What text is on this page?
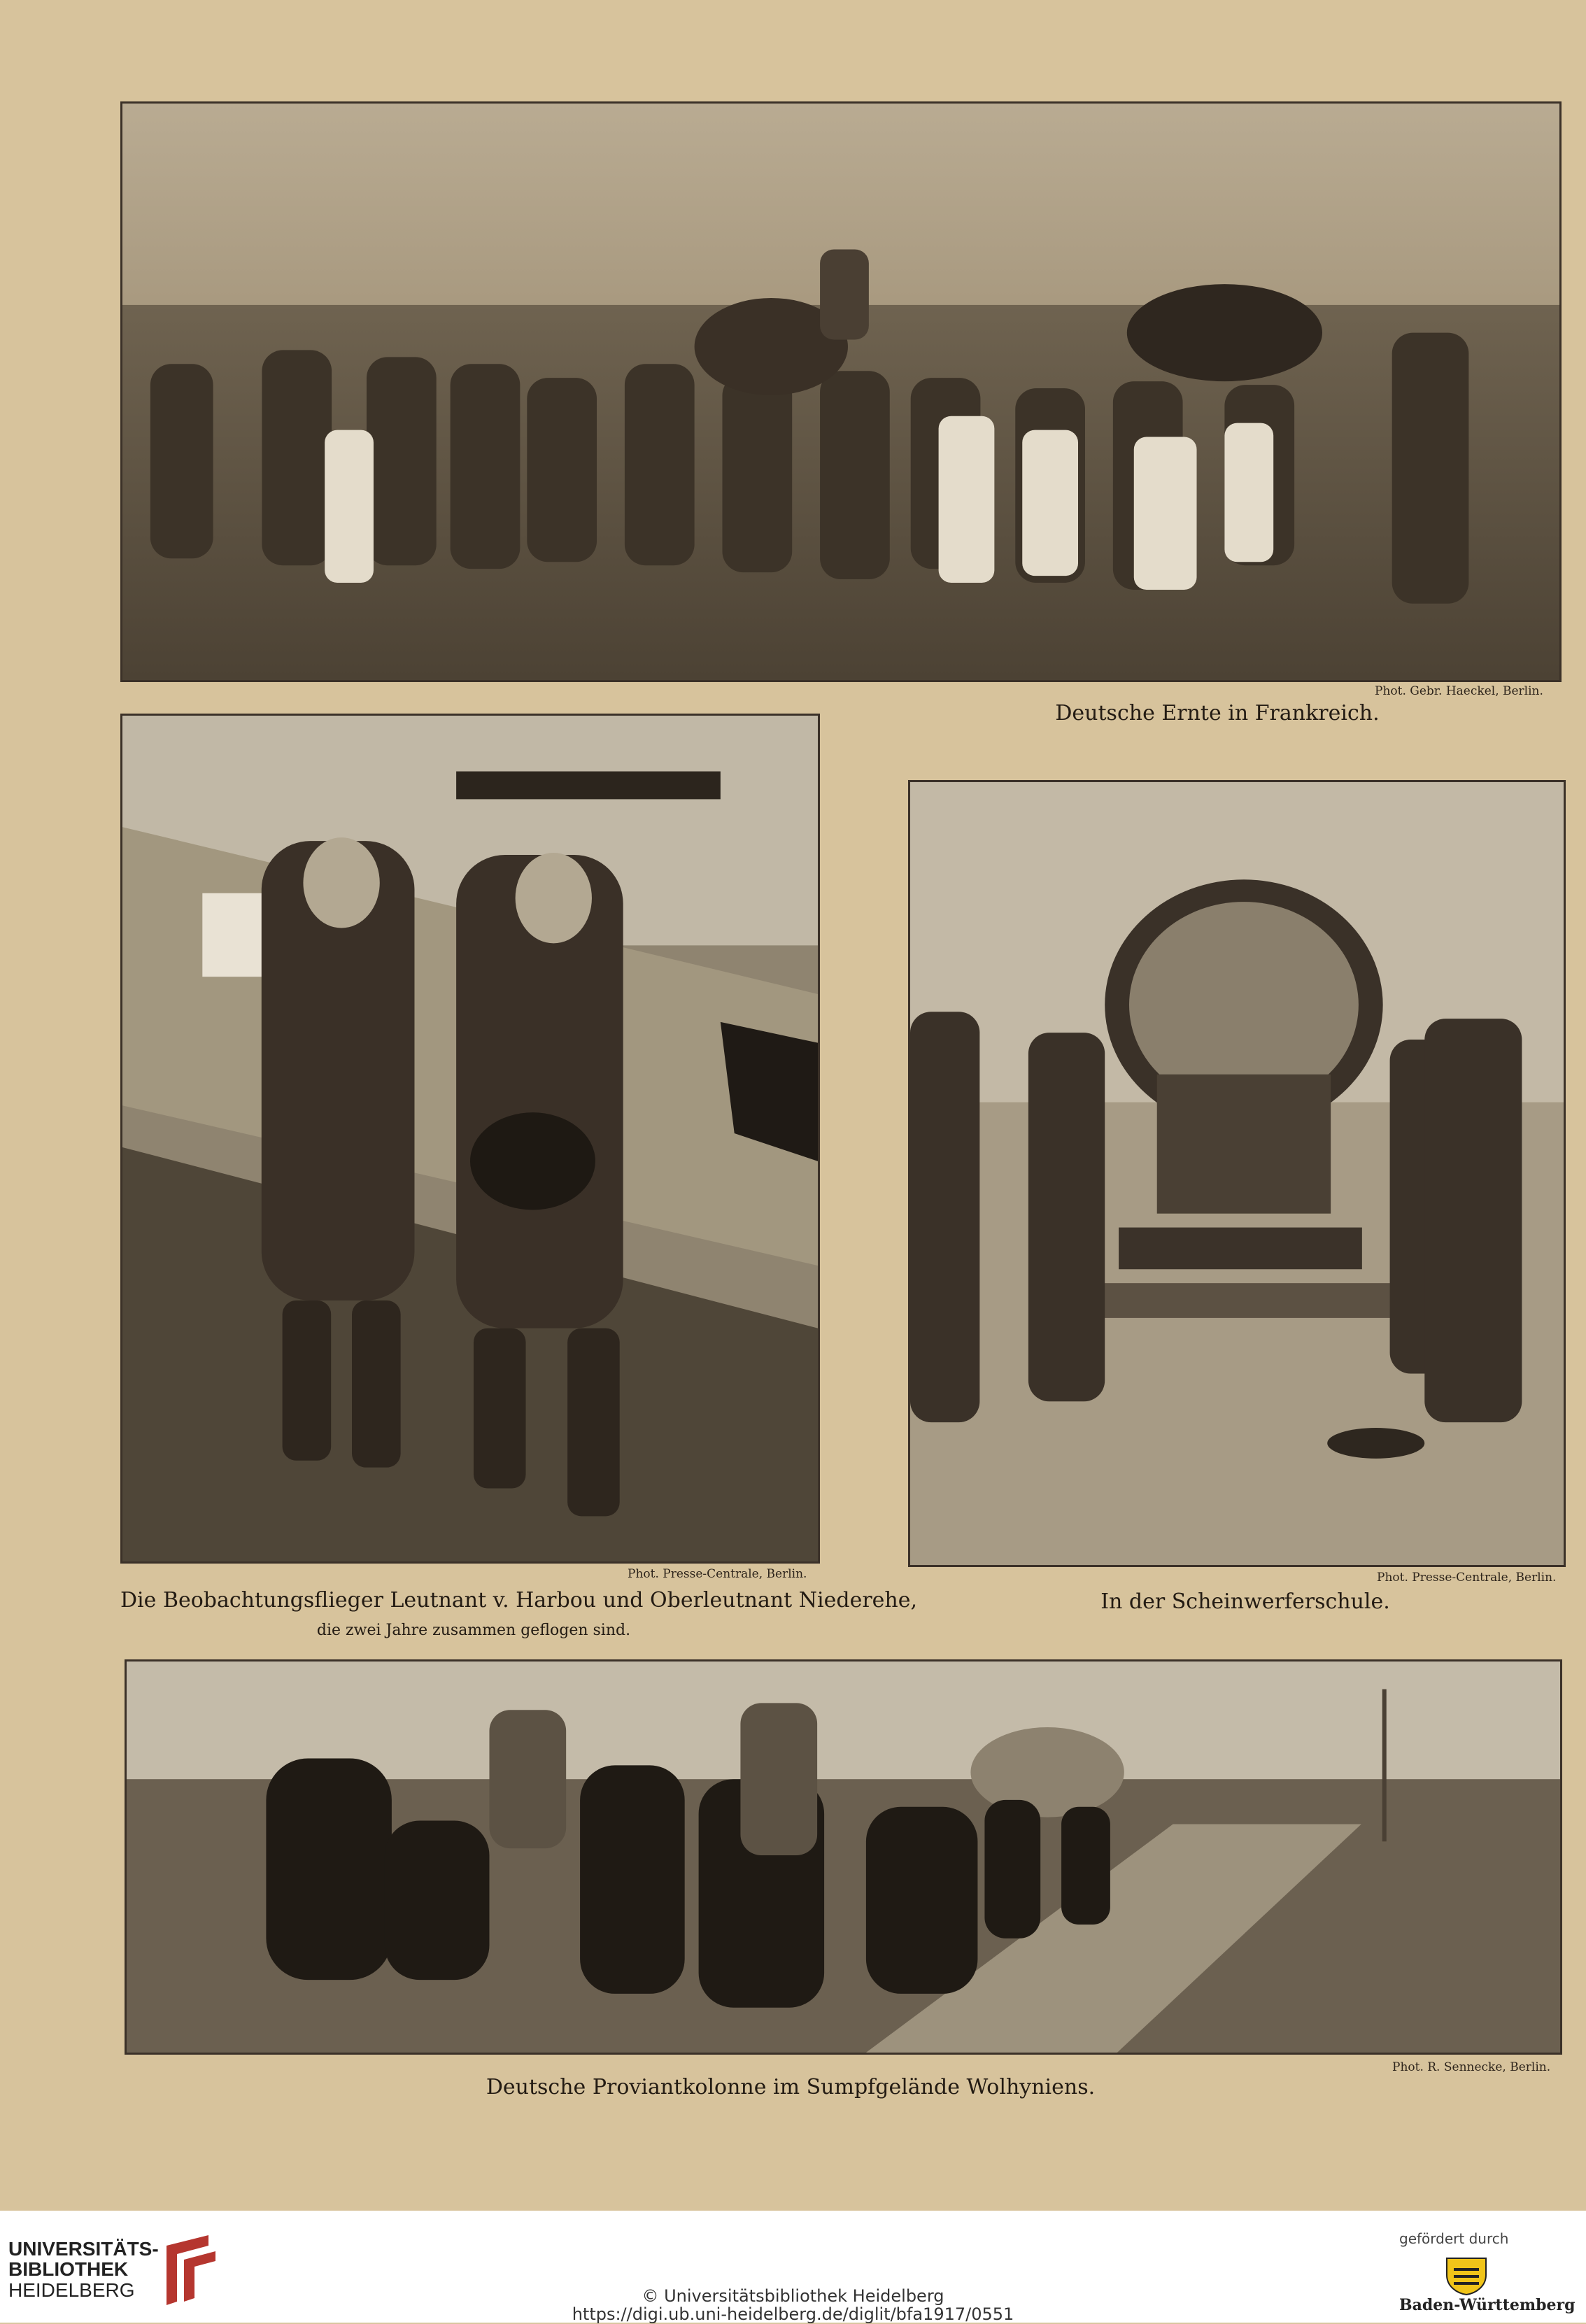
Phot. Gebr. Haeckel, Berlin.
Deutsche Ernte in Frankreich.
Phot. Presse-Centrale, Berlin.
Die Beobachtungsflieger Leutnant v. Harbou und Oberleutnant Niederehe,
die zwei Jahre zusammen geflogen sind.
Phot. Presse-Centrale, Berlin.
In der Scheinwerferschule.
Phot. R. Sennecke, Berlin.
Deutsche Proviantkolonne im Sumpfgelände Wolhyniens.
UNIVERSITÄTS-
BIBLIOTHEK
HEIDELBERG
gefördert durch
Baden-Württemberg
© Universitätsbibliothek Heidelberg
https://digi.ub.uni-heidelberg.de/diglit/bfa1917/0551
